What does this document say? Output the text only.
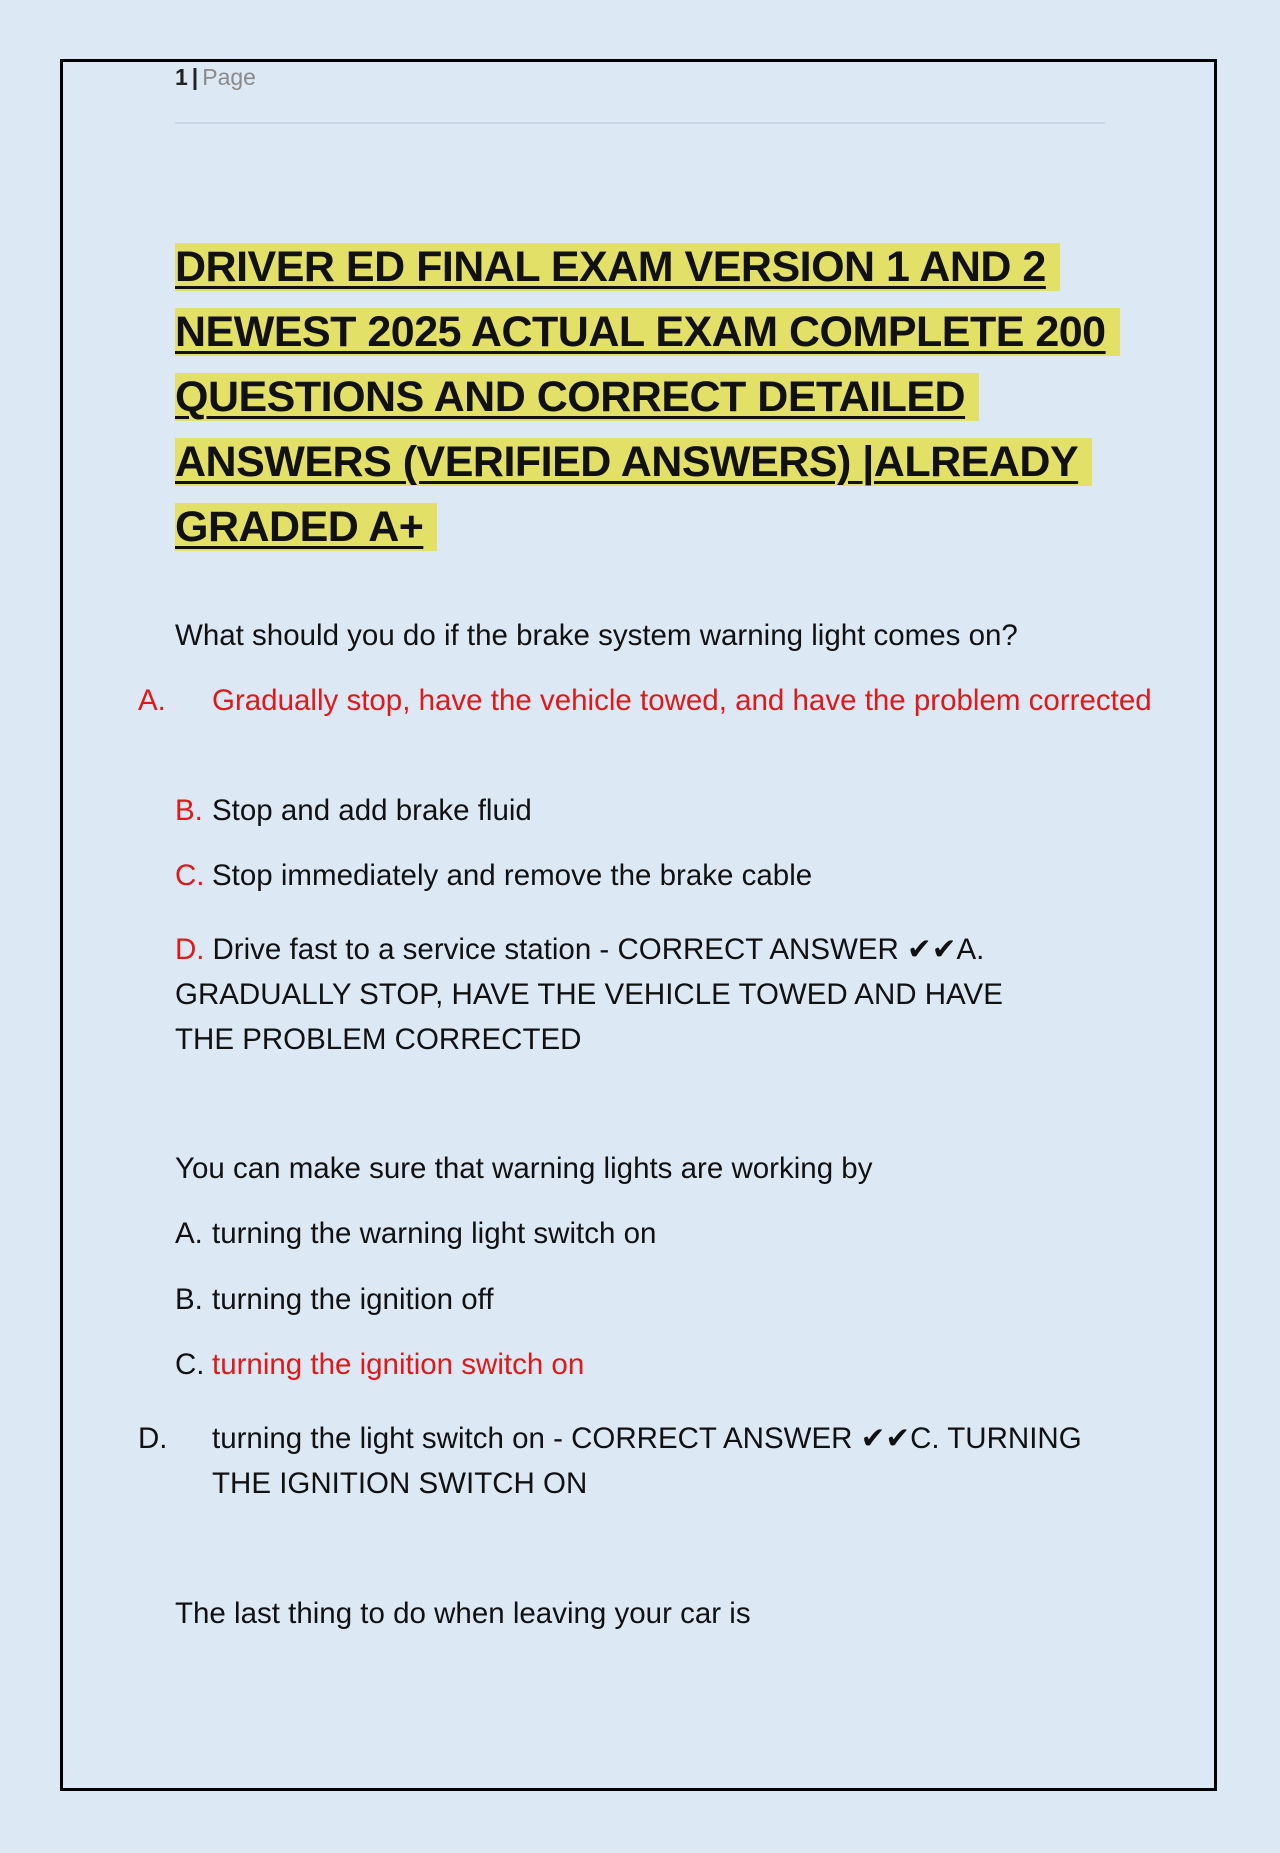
1 | Page
DRIVER ED FINAL EXAM VERSION 1 AND 2 NEWEST 2025 ACTUAL EXAM COMPLETE 200 QUESTIONS AND CORRECT DETAILED ANSWERS (VERIFIED ANSWERS) |ALREADY GRADED A+
What should you do if the brake system warning light comes on?
A. Gradually stop, have the vehicle towed, and have the problem corrected
B. Stop and add brake fluid
C. Stop immediately and remove the brake cable
D. Drive fast to a service station - CORRECT ANSWER ✔✔A. GRADUALLY STOP, HAVE THE VEHICLE TOWED AND HAVE THE PROBLEM CORRECTED
You can make sure that warning lights are working by
A. turning the warning light switch on
B. turning the ignition off
C. turning the ignition switch on
D. turning the light switch on - CORRECT ANSWER ✔✔C. TURNING THE IGNITION SWITCH ON
The last thing to do when leaving your car is
